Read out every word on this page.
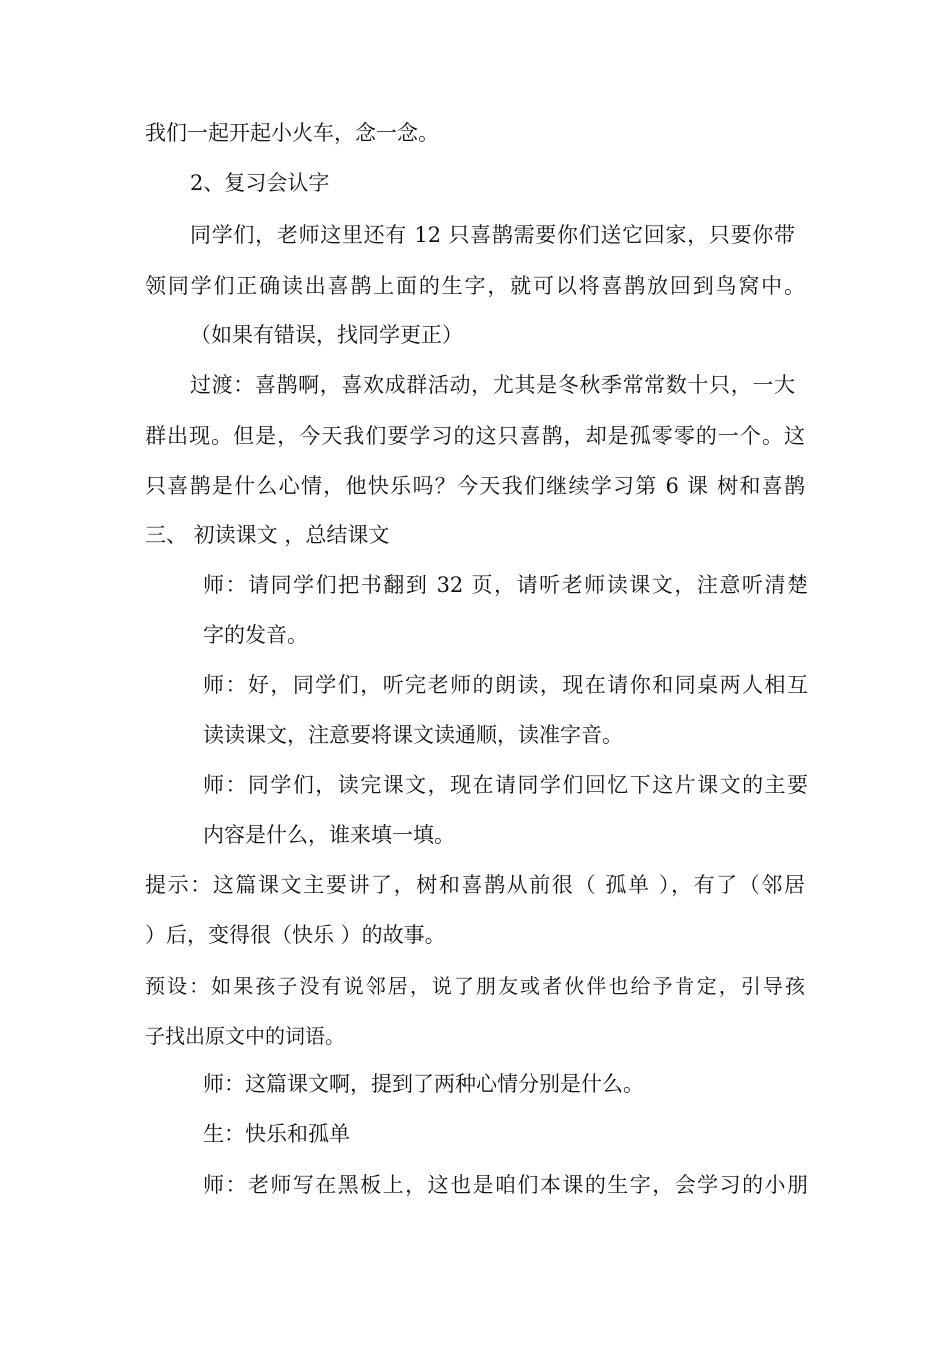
我们一起开起小火车，念一念。
2、复习会认字
同学们，老师这里还有 12 只喜鹊需要你们送它回家，只要你带
领同学们正确读出喜鹊上面的生字，就可以将喜鹊放回到鸟窝中。
（如果有错误，找同学更正）
过渡：喜鹊啊，喜欢成群活动，尤其是冬秋季常常数十只，一大
群出现。但是，今天我们要学习的这只喜鹊，却是孤零零的一个。这
只喜鹊是什么心情，他快乐吗？今天我们继续学习第 6 课 树和喜鹊
三、 初读课文 ，总结课文
师：请同学们把书翻到 32 页，请听老师读课文，注意听清楚
字的发音。
师：好，同学们，听完老师的朗读，现在请你和同桌两人相互
读读课文，注意要将课文读通顺，读准字音。
师：同学们，读完课文，现在请同学们回忆下这片课文的主要
内容是什么，谁来填一填。
提示：这篇课文主要讲了，树和喜鹊从前很（ 孤单 ），有了（邻居
）后，变得很（快乐 ）的故事。
预设：如果孩子没有说邻居，说了朋友或者伙伴也给予肯定，引导孩
子找出原文中的词语。
师：这篇课文啊，提到了两种心情分别是什么。
生：快乐和孤单
师：老师写在黑板上，这也是咱们本课的生字，会学习的小朋
